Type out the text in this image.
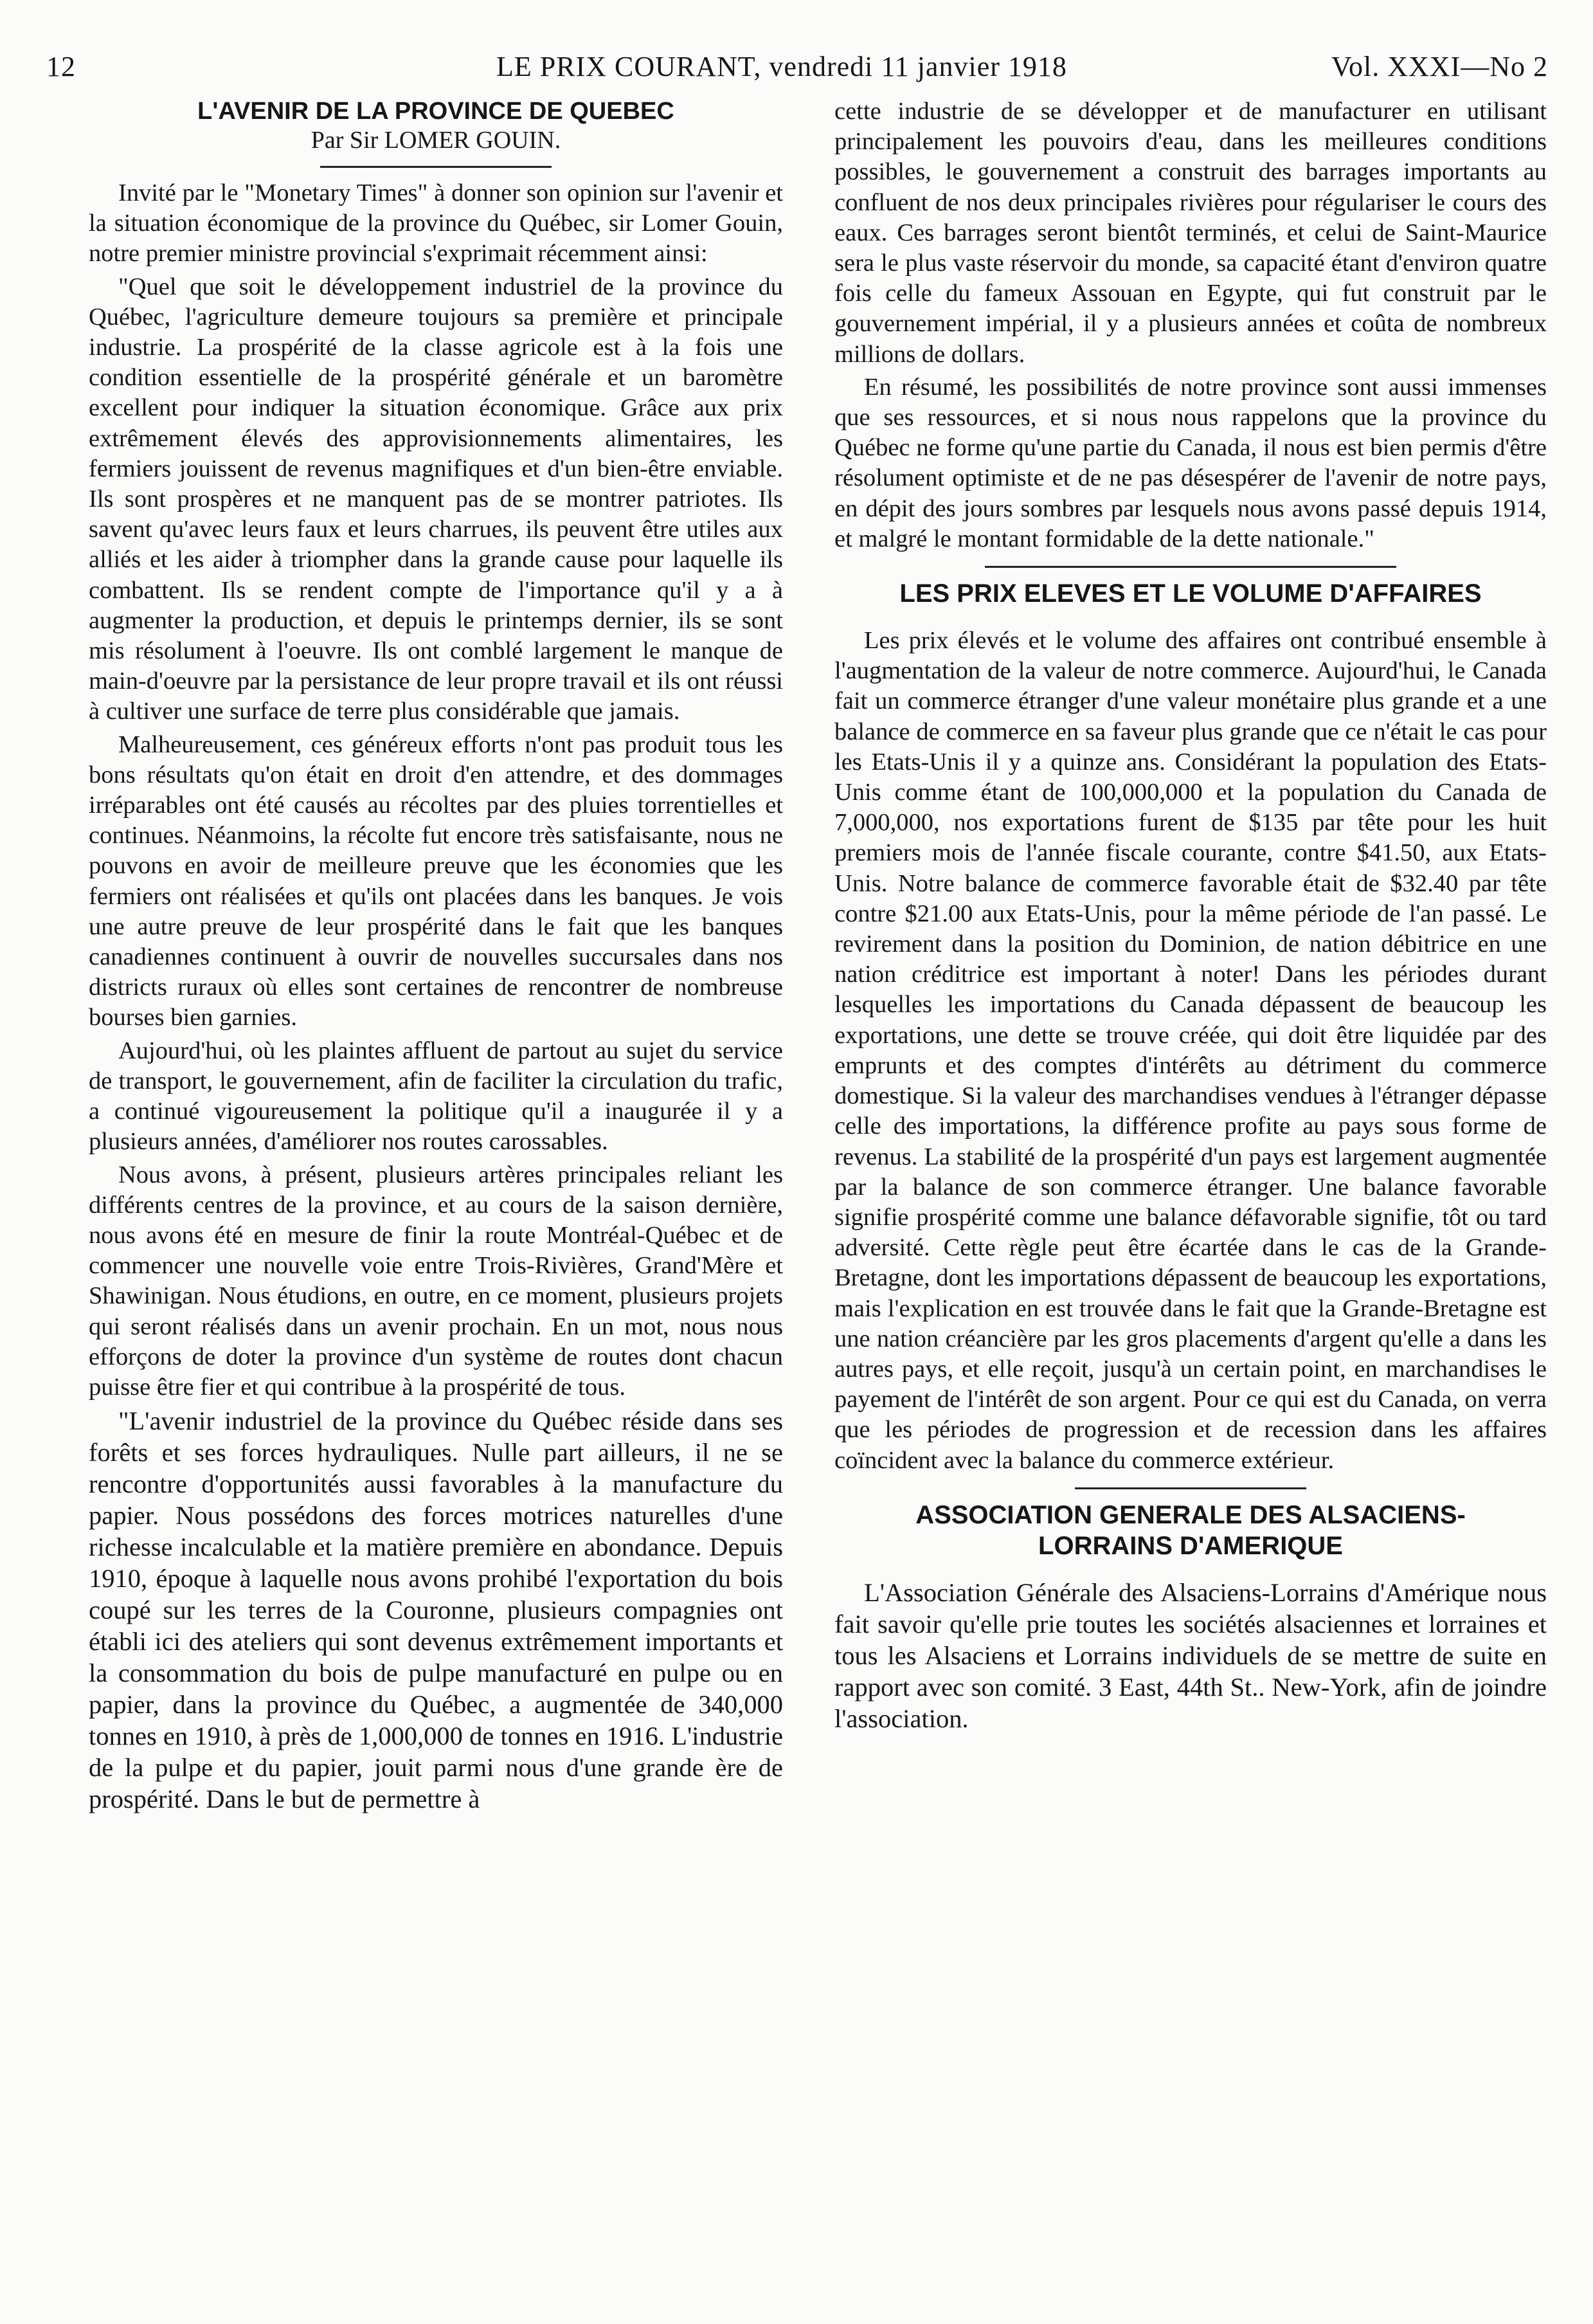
12	LE PRIX COURANT, vendredi 11 janvier 1918	Vol. XXXI—No 2
L'AVENIR DE LA PROVINCE DE QUEBEC

Par Sir LOMER GOUIN.

Invité par le "Monetary Times" à donner son opinion sur l'avenir et la situation économique de la province du Québec, sir Lomer Gouin, notre premier ministre provincial s'exprimait récemment ainsi:

"Quel que soit le développement industriel de la province du Québec, l'agriculture demeure toujours sa première et principale industrie. La prospérité de la classe agricole est à la fois une condition essentielle de la prospérité générale et un baromètre excellent pour indiquer la situation économique. Grâce aux prix extrêmement élevés des approvisionnements alimentaires, les fermiers jouissent de revenus magnifiques et d'un bien-être enviable. Ils sont prospères et ne manquent pas de se montrer patriotes. Ils savent qu'avec leurs faux et leurs charrues, ils peuvent être utiles aux alliés et les aider à triompher dans la grande cause pour laquelle ils combattent. Ils se rendent compte de l'importance qu'il y a à augmenter la production, et depuis le printemps dernier, ils se sont mis résolument à l'oeuvre. Ils ont comblé largement le manque de main-d'oeuvre par la persistance de leur propre travail et ils ont réussi à cultiver une surface de terre plus considérable que jamais.

Malheureusement, ces généreux efforts n'ont pas produit tous les bons résultats qu'on était en droit d'en attendre, et des dommages irréparables ont été causés au récoltes par des pluies torrentielles et continues. Néanmoins, la récolte fut encore très satisfaisante, nous ne pouvons en avoir de meilleure preuve que les économies que les fermiers ont réalisées et qu'ils ont placées dans les banques. Je vois une autre preuve de leur prospérité dans le fait que les banques canadiennes continuent à ouvrir de nouvelles succursales dans nos districts ruraux où elles sont certaines de rencontrer de nombreuse bourses bien garnies.

Aujourd'hui, où les plaintes affluent de partout au sujet du service de transport, le gouvernement, afin de faciliter la circulation du trafic, a continué vigoureusement la politique qu'il a inaugurée il y a plusieurs années, d'améliorer nos routes carossables.

Nous avons, à présent, plusieurs artères principales reliant les différents centres de la province, et au cours de la saison dernière, nous avons été en mesure de finir la route Montréal-Québec et de commencer une nouvelle voie entre Trois-Rivières, Grand'Mère et Shawinigan. Nous étudions, en outre, en ce moment, plusieurs projets qui seront réalisés dans un avenir prochain. En un mot, nous nous efforçons de doter la province d'un système de routes dont chacun puisse être fier et qui contribue à la prospérité de tous.

"L'avenir industriel de la province du Québec réside dans ses forêts et ses forces hydrauliques. Nulle part ailleurs, il ne se rencontre d'opportunités aussi favorables à la manufacture du papier. Nous possédons des forces motrices naturelles d'une richesse incalculable et la matière première en abondance. Depuis 1910, époque à laquelle nous avons prohibé l'exportation du bois coupé sur les terres de la Couronne, plusieurs compagnies ont établi ici des ateliers qui sont devenus extrêmement importants et la consommation du bois de pulpe manufacturé en pulpe ou en papier, dans la province du Québec, a augmentée de 340,000 tonnes en 1910, à près de 1,000,000 de tonnes en 1916. L'industrie de la pulpe et du papier, jouit parmi nous d'une grande ère de prospérité. Dans le but de permettre à

cette industrie de se développer et de manufacturer en utilisant principalement les pouvoirs d'eau, dans les meilleures conditions possibles, le gouvernement a construit des barrages importants au confluent de nos deux principales rivières pour régulariser le cours des eaux. Ces barrages seront bientôt terminés, et celui de Saint-Maurice sera le plus vaste réservoir du monde, sa capacité étant d'environ quatre fois celle du fameux Assouan en Egypte, qui fut construit par le gouvernement impérial, il y a plusieurs années et coûta de nombreux millions de dollars.

En résumé, les possibilités de notre province sont aussi immenses que ses ressources, et si nous nous rappelons que la province du Québec ne forme qu'une partie du Canada, il nous est bien permis d'être résolument optimiste et de ne pas désespérer de l'avenir de notre pays, en dépit des jours sombres par lesquels nous avons passé depuis 1914, et malgré le montant formidable de la dette nationale."

LES PRIX ELEVES ET LE VOLUME D'AFFAIRES

Les prix élevés et le volume des affaires ont contribué ensemble à l'augmentation de la valeur de notre commerce. Aujourd'hui, le Canada fait un commerce étranger d'une valeur monétaire plus grande et a une balance de commerce en sa faveur plus grande que ce n'était le cas pour les Etats-Unis il y a quinze ans. Considérant la population des Etats-Unis comme étant de 100,000,000 et la population du Canada de 7,000,000, nos exportations furent de $135 par tête pour les huit premiers mois de l'année fiscale courante, contre $41.50, aux Etats-Unis. Notre balance de commerce favorable était de $32.40 par tête contre $21.00 aux Etats-Unis, pour la même période de l'an passé. Le revirement dans la position du Dominion, de nation débitrice en une nation créditrice est important à noter! Dans les périodes durant lesquelles les importations du Canada dépassent de beaucoup les exportations, une dette se trouve créée, qui doit être liquidée par des emprunts et des comptes d'intérêts au détriment du commerce domestique. Si la valeur des marchandises vendues à l'étranger dépasse celle des importations, la différence profite au pays sous forme de revenus. La stabilité de la prospérité d'un pays est largement augmentée par la balance de son commerce étranger. Une balance favorable signifie prospérité comme une balance défavorable signifie, tôt ou tard adversité. Cette règle peut être écartée dans le cas de la Grande-Bretagne, dont les importations dépassent de beaucoup les exportations, mais l'explication en est trouvée dans le fait que la Grande-Bretagne est une nation créancière par les gros placements d'argent qu'elle a dans les autres pays, et elle reçoit, jusqu'à un certain point, en marchandises le payement de l'intérêt de son argent. Pour ce qui est du Canada, on verra que les périodes de progression et de recession dans les affaires coïncident avec la balance du commerce extérieur.

ASSOCIATION GENERALE DES ALSACIENS-
LORRAINS D'AMERIQUE

L'Association Générale des Alsaciens-Lorrains d'Amérique nous fait savoir qu'elle prie toutes les sociétés alsaciennes et lorraines et tous les Alsaciens et Lorrains individuels de se mettre de suite en rapport avec son comité. 3 East, 44th St.. New-York, afin de joindre l'association.
